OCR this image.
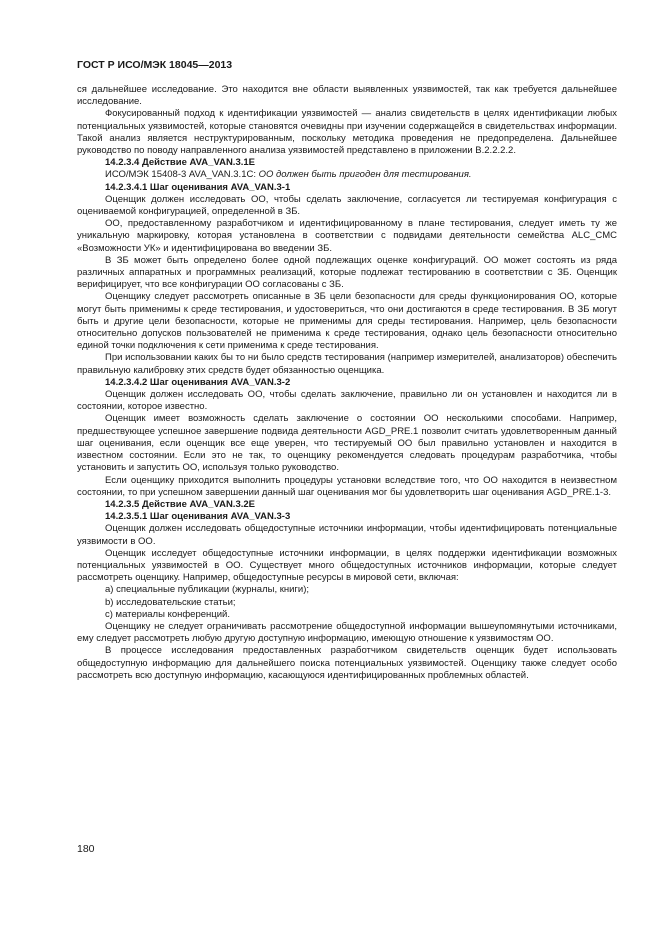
ГОСТ Р ИСО/МЭК 18045—2013

ся дальнейшее исследование. Это находится вне области выявленных уязвимостей, так как требуется дальнейшее исследование.

Фокусированный подход к идентификации уязвимостей — анализ свидетельств в целях идентификации любых потенциальных уязвимостей, которые становятся очевидны при изучении содержащейся в свидетельствах информации. Такой анализ является неструктурированным, поскольку методика проведения не предопределена. Дальнейшее руководство по поводу направленного анализа уязвимостей представлено в приложении В.2.2.2.2.

14.2.3.4 Действие AVA_VAN.3.1E

ИСО/МЭК 15408-3 AVA_VAN.3.1C: ОО должен быть пригоден для тестирования.

14.2.3.4.1 Шаг оценивания AVA_VAN.3-1

Оценщик должен исследовать ОО, чтобы сделать заключение, согласуется ли тестируемая конфигурация с оцениваемой конфигурацией, определенной в ЗБ.

ОО, предоставленному разработчиком и идентифицированному в плане тестирования, следует иметь ту же уникальную маркировку, которая установлена в соответствии с подвидами деятельности семейства ALC_CMC «Возможности УК» и идентифицирована во введении ЗБ.

В ЗБ может быть определено более одной подлежащих оценке конфигураций. ОО может состоять из ряда различных аппаратных и программных реализаций, которые подлежат тестированию в соответствии с ЗБ. Оценщик верифицирует, что все конфигурации ОО согласованы с ЗБ.

Оценщику следует рассмотреть описанные в ЗБ цели безопасности для среды функционирования ОО, которые могут быть применимы к среде тестирования, и удостовериться, что они достигаются в среде тестирования. В ЗБ могут быть и другие цели безопасности, которые не применимы для среды тестирования. Например, цель безопасности относительно допусков пользователей не применима к среде тестирования, однако цель безопасности относительно единой точки подключения к сети применима к среде тестирования.

При использовании каких бы то ни было средств тестирования (например измерителей, анализаторов) обеспечить правильную калибровку этих средств будет обязанностью оценщика.

14.2.3.4.2 Шаг оценивания AVA_VAN.3-2

Оценщик должен исследовать ОО, чтобы сделать заключение, правильно ли он установлен и находится ли в состоянии, которое известно.

Оценщик имеет возможность сделать заключение о состоянии ОО несколькими способами. Например, предшествующее успешное завершение подвида деятельности AGD_PRE.1 позволит считать удовлетворенным данный шаг оценивания, если оценщик все еще уверен, что тестируемый ОО был правильно установлен и находится в известном состоянии. Если это не так, то оценщику рекомендуется следовать процедурам разработчика, чтобы установить и запустить ОО, используя только руководство.

Если оценщику приходится выполнить процедуры установки вследствие того, что ОО находится в неизвестном состоянии, то при успешном завершении данный шаг оценивания мог бы удовлетворить шаг оценивания AGD_PRE.1-3.

14.2.3.5 Действие AVA_VAN.3.2E

14.2.3.5.1 Шаг оценивания AVA_VAN.3-3

Оценщик должен исследовать общедоступные источники информации, чтобы идентифицировать потенциальные уязвимости в ОО.

Оценщик исследует общедоступные источники информации, в целях поддержки идентификации возможных потенциальных уязвимостей в ОО. Существует много общедоступных источников информации, которые следует рассмотреть оценщику. Например, общедоступные ресурсы в мировой сети, включая:

а) специальные публикации (журналы, книги);

b) исследовательские статьи;

с) материалы конференций.

Оценщику не следует ограничивать рассмотрение общедоступной информации вышеупомянутыми источниками, ему следует рассмотреть любую другую доступную информацию, имеющую отношение к уязвимостям ОО.

В процессе исследования предоставленных разработчиком свидетельств оценщик будет использовать общедоступную информацию для дальнейшего поиска потенциальных уязвимостей. Оценщику также следует особо рассмотреть всю доступную информацию, касающуюся идентифицированных проблемных областей.

180
